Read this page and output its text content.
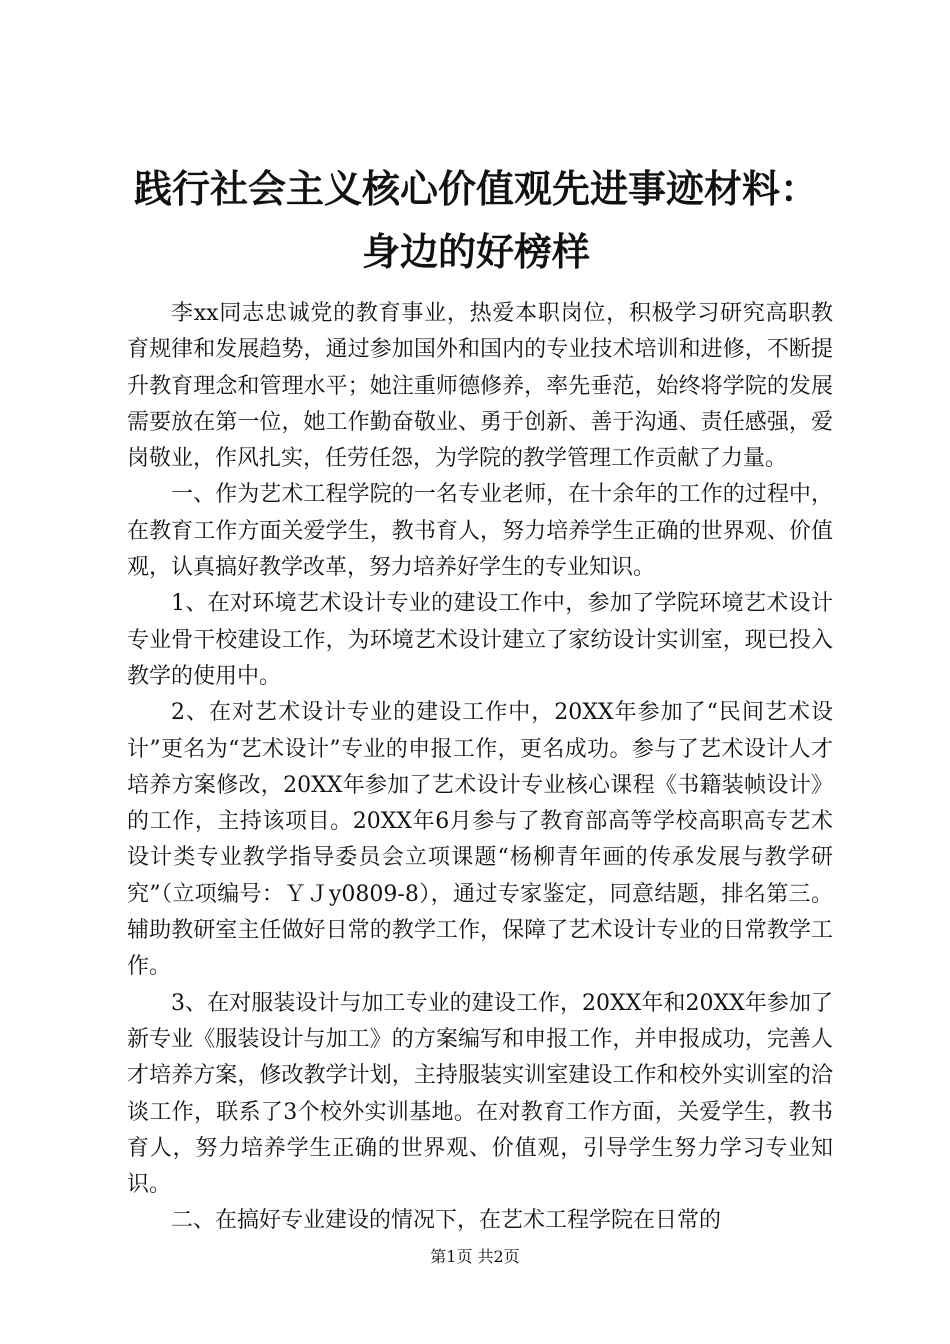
践行社会主义核心价值观先进事迹材料：身边的好榜样

李xx同志忠诚党的教育事业，热爱本职岗位，积极学习研究高职教育规律和发展趋势，通过参加国外和国内的专业技术培训和进修，不断提升教育理念和管理水平；她注重师德修养，率先垂范，始终将学院的发展需要放在第一位，她工作勤奋敬业、勇于创新、善于沟通、责任感强，爱岗敬业，作风扎实，任劳任怨，为学院的教学管理工作贡献了力量。

一、作为艺术工程学院的一名专业老师，在十余年的工作的过程中，在教育工作方面关爱学生，教书育人，努力培养学生正确的世界观、价值观，认真搞好教学改革，努力培养好学生的专业知识。

1、在对环境艺术设计专业的建设工作中，参加了学院环境艺术设计专业骨干校建设工作，为环境艺术设计建立了家纺设计实训室，现已投入教学的使用中。

2、在对艺术设计专业的建设工作中，20XX年参加了“民间艺术设计”更名为“艺术设计”专业的申报工作，更名成功。参与了艺术设计人才培养方案修改，20XX年参加了艺术设计专业核心课程《书籍装帧设计》的工作，主持该项目。20XX年6月参与了教育部高等学校高职高专艺术设计类专业教学指导委员会立项课题“杨柳青年画的传承发展与教学研究”（立项编号：ＹＪy0809-8），通过专家鉴定，同意结题，排名第三。辅助教研室主任做好日常的教学工作，保障了艺术设计专业的日常教学工作。

3、在对服装设计与加工专业的建设工作，20XX年和20XX年参加了新专业《服装设计与加工》的方案编写和申报工作，并申报成功，完善人才培养方案，修改教学计划，主持服装实训室建设工作和校外实训室的洽谈工作，联系了3个校外实训基地。在对教育工作方面，关爱学生，教书育人，努力培养学生正确的世界观、价值观，引导学生努力学习专业知识。

二、在搞好专业建设的情况下，在艺术工程学院在日常的

第1页 共2页
